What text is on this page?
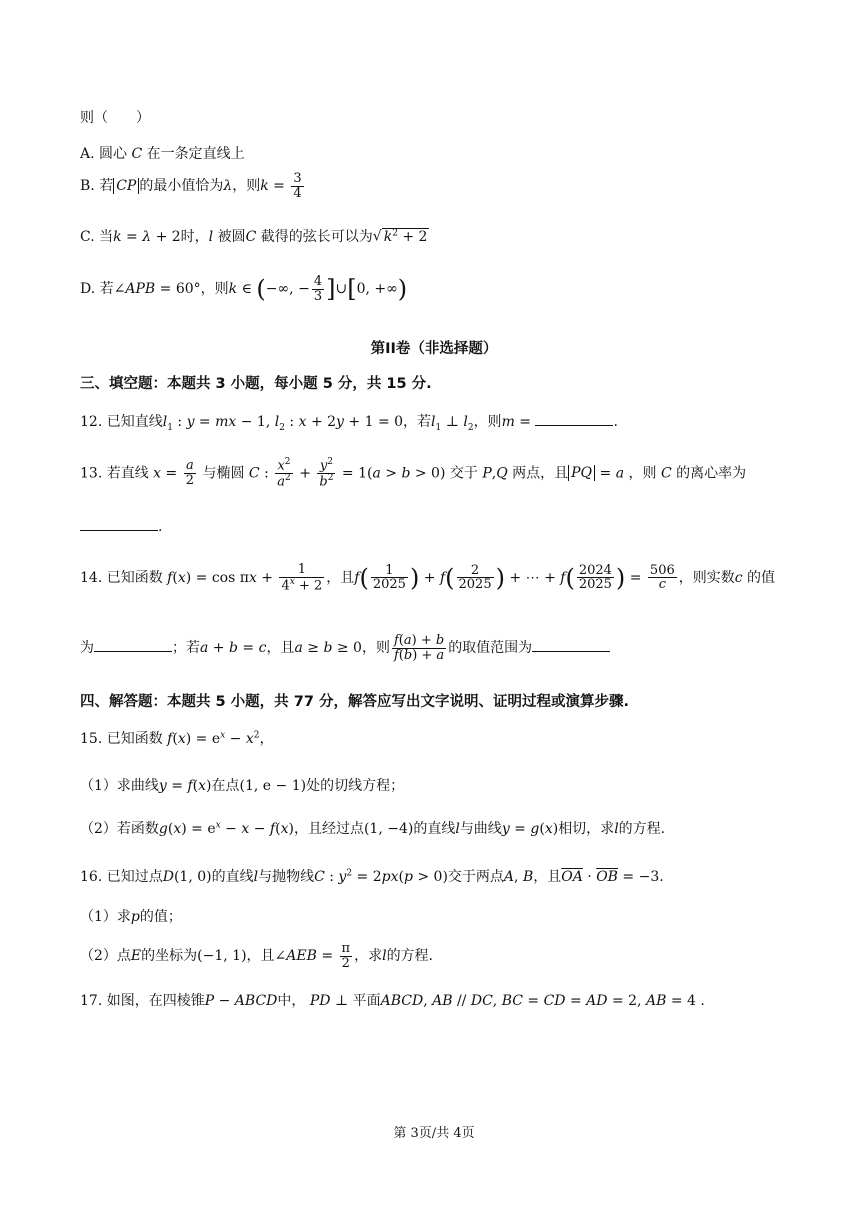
则（　　）
A. 圆心 C 在一条定直线上
B. 若 CP 的最小值恰为λ，则$k = \frac{3}{4}$
C. 当k = λ + 2时，l 被圆C 截得的弦长可以为√ $k^2 + 2$
D. 若∠APB = 60°，则k ∈ (−∞, − $\frac{4}{3}$ ]∪[0, +∞)
第II卷（非选择题）
三、填空题：本题共 3 小题，每小题 5 分，共 15 分.
12. 已知直线$l_1$ : y = mx − 1, $l_2$ : x + 2y + 1 = 0，若$l_1$ ⊥ $l_2$，则m =	.
13. 若直线 $x = \frac{a}{2}$ 与椭圆 C : $\frac{x^2}{a^2} + \frac{y^2}{b^2} = 1(a > b > 0)$ 交于 P,Q 两点，且 PQ = a ，则 C 的离心率为
.
14. 已知函数 $f(x) = \cos \pi x + \frac{1}{4^x + 2}$ ，且$f( \frac{1}{2025}$ ) + $f( \frac{2}{2025}$ ) + ⋯ + $f( \frac{2024}{2025}$ ) = $\frac{506}{c}$ ，则实数c 的值
为	；若a + b = c，且a ≥ b ≥ 0，则 $\frac{f(a) + b}{f(b) + a}$ 的取值范围为
四、解答题：本题共 5 小题，共 77 分，解答应写出文字说明、证明过程或演算步骤.
15. 已知函数 $f(x) = e^x - x^2$，
（1）求曲线y = f(x)在点(1, e − 1)处的切线方程；
（2）若函数$g(x) = e^x - x - f(x)$，且经过点(1, −4)的直线l与曲线y = g(x)相切，求l的方程.
16. 已知过点D(1, 0)的直线l与抛物线C : $y^2 = 2px(p > 0)$交于两点A, B，且$\overline{OA} \cdot \overline{OB} = -3$.
（1）求p的值；
（2）点E的坐标为(−1, 1)，且∠AEB = $\frac{\pi}{2}$ ，求l的方程.
17. 如图，在四棱锥P − ABCD中， PD ⊥ 平面ABCD, AB // DC, BC = CD = AD = 2, AB = 4 .
第 3页/共 4页
